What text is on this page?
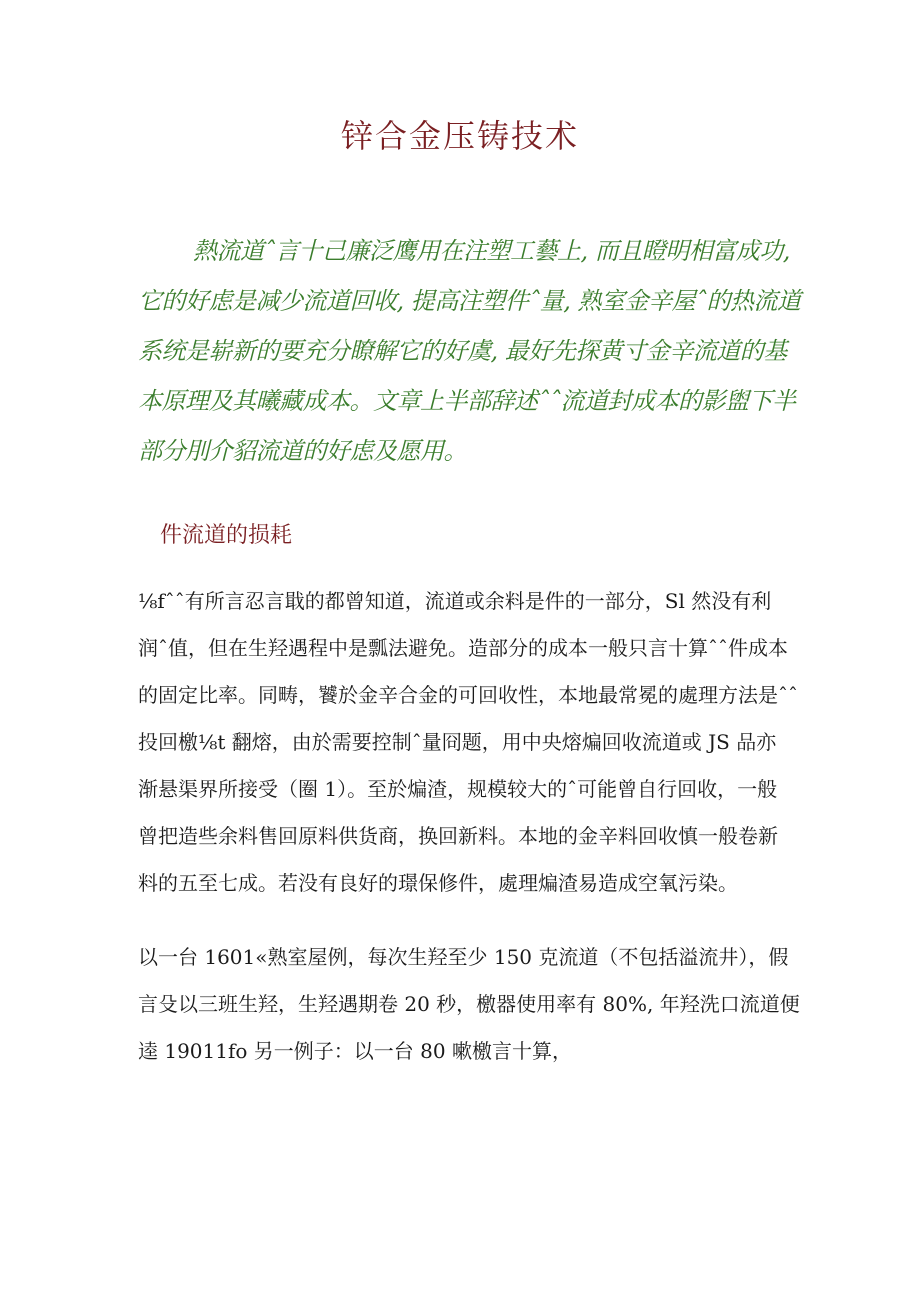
锌合金压铸技术

熱流道ˆ言十己廉泛鹰用在注塑工藝上, 而且瞪明相富成功,
它的好虑是减少流道回收, 提高注塑件ˆ量, 熟室金辛屋ˆ的热流道
系统是崭新的要充分瞭解它的好虞, 最好先探黄寸金辛流道的基
本原理及其曦藏成本。文章上半部辞述ˆˆ流道封成本的影盥下半
部分刖介貂流道的好虑及愿用。

件流道的损耗
⅛fˆˆ有所言忍言戢的都曾知道，流道或余料是件的一部分，Sl 然没有利
润ˆ值，但在生羟遇程中是瓢法避免。造部分的成本一般只言十算ˆˆ件成本
的固定比率。同畴，饕於金辛合金的可回收性，本地最常冕的處理方法是ˆˆ
投回檄⅛t 翻熔，由於需要控制ˆ量冏题，用中央熔煸回收流道或 JS 品亦
渐悬渠界所接受（圈 1）。至於煸渣，规模较大的ˆ可能曾自行回收，一般
曾把造些余料售回原料供货商，换回新料。本地的金辛料回收慎一般卷新
料的五至七成。若没有良好的璟保修件，處理煸渣易造成空氧污染。
以一台 1601«熟室屋例，每次生羟至少 150 克流道（不包括溢流井），假
言殳以三班生羟，生羟遇期卷 20 秒，檄器使用率有 80%, 年羟洗口流道便
逵 19011fo 另一例子：以一台 80 嗽檄言十算，
